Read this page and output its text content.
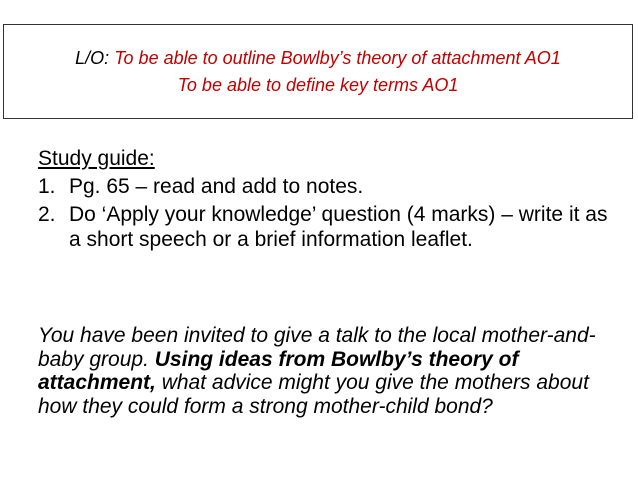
L/O: To be able to outline Bowlby’s theory of attachment AO1
To be able to define key terms AO1
Study guide:
1. Pg. 65 – read and add to notes.
2. Do ‘Apply your knowledge’ question (4 marks) – write it as a short speech or a brief information leaflet.
You have been invited to give a talk to the local mother-and-baby group. Using ideas from Bowlby’s theory of attachment, what advice might you give the mothers about how they could form a strong mother-child bond?
